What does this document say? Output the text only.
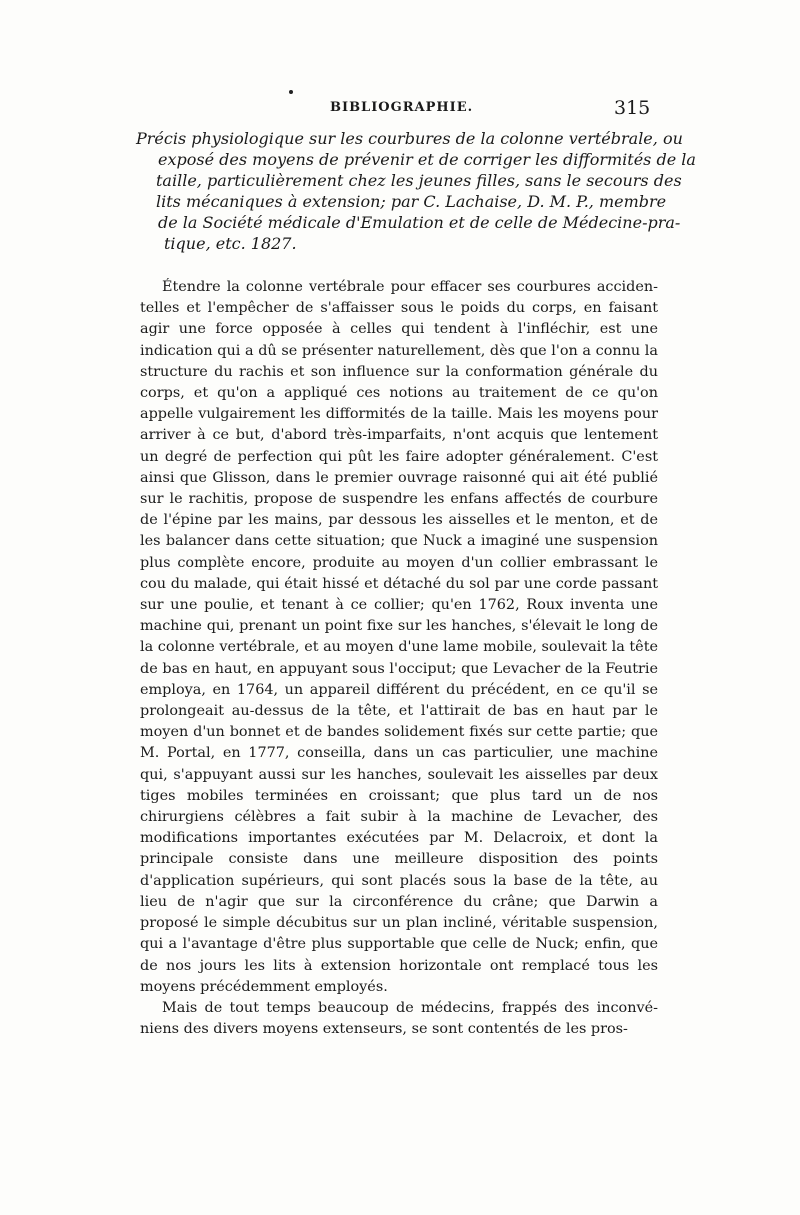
BIBLIOGRAPHIE.	315
Précis physiologique sur les courbures de la colonne vertébrale, ou
exposé des moyens de prévenir et de corriger les difformités de la
taille, particulièrement chez les jeunes filles, sans le secours des
lits mécaniques à extension; par C. Lachaise, D. M. P., membre
de la Société médicale d'Emulation et de celle de Médecine-pra-
tique, etc. 1827.

Étendre la colonne vertébrale pour effacer ses courbures acciden-telles et l'empêcher de s'affaisser sous le poids du corps, en faisant agir une force opposée à celles qui tendent à l'infléchir, est une indication qui a dû se présenter naturellement, dès que l'on a connu la structure du rachis et son influence sur la conformation générale du corps, et qu'on a appliqué ces notions au traitement de ce qu'on appelle vulgairement les difformités de la taille. Mais les moyens pour arriver à ce but, d'abord très-imparfaits, n'ont acquis que lentement un degré de perfection qui pût les faire adopter généralement. C'est ainsi que Glisson, dans le premier ouvrage raisonné qui ait été publié sur le rachitis, propose de suspendre les enfans affectés de courbure de l'épine par les mains, par dessous les aisselles et le menton, et de les balancer dans cette situation; que Nuck a imaginé une suspension plus complète encore, produite au moyen d'un collier embrassant le cou du malade, qui était hissé et détaché du sol par une corde passant sur une poulie, et tenant à ce collier; qu'en 1762, Roux inventa une machine qui, prenant un point fixe sur les hanches, s'élevait le long de la colonne vertébrale, et au moyen d'une lame mobile, soulevait la tête de bas en haut, en appuyant sous l'occiput; que Levacher de la Feutrie employa, en 1764, un appareil différent du précédent, en ce qu'il se prolongeait au-dessus de la tête, et l'attirait de bas en haut par le moyen d'un bonnet et de bandes solidement fixés sur cette partie; que M. Portal, en 1777, conseilla, dans un cas particulier, une machine qui, s'appuyant aussi sur les hanches, soulevait les aisselles par deux tiges mobiles terminées en croissant; que plus tard un de nos chirurgiens célèbres a fait subir à la machine de Levacher, des modifications importantes exécutées par M. Delacroix, et dont la principale consiste dans une meilleure disposition des points d'application supérieurs, qui sont placés sous la base de la tête, au lieu de n'agir que sur la circonférence du crâne; que Darwin a proposé le simple décubitus sur un plan incliné, véritable suspension, qui a l'avantage d'être plus supportable que celle de Nuck; enfin, que de nos jours les lits à extension horizontale ont remplacé tous les moyens précédemment employés.

Mais de tout temps beaucoup de médecins, frappés des inconvé-niens des divers moyens extenseurs, se sont contentés de les pros-
